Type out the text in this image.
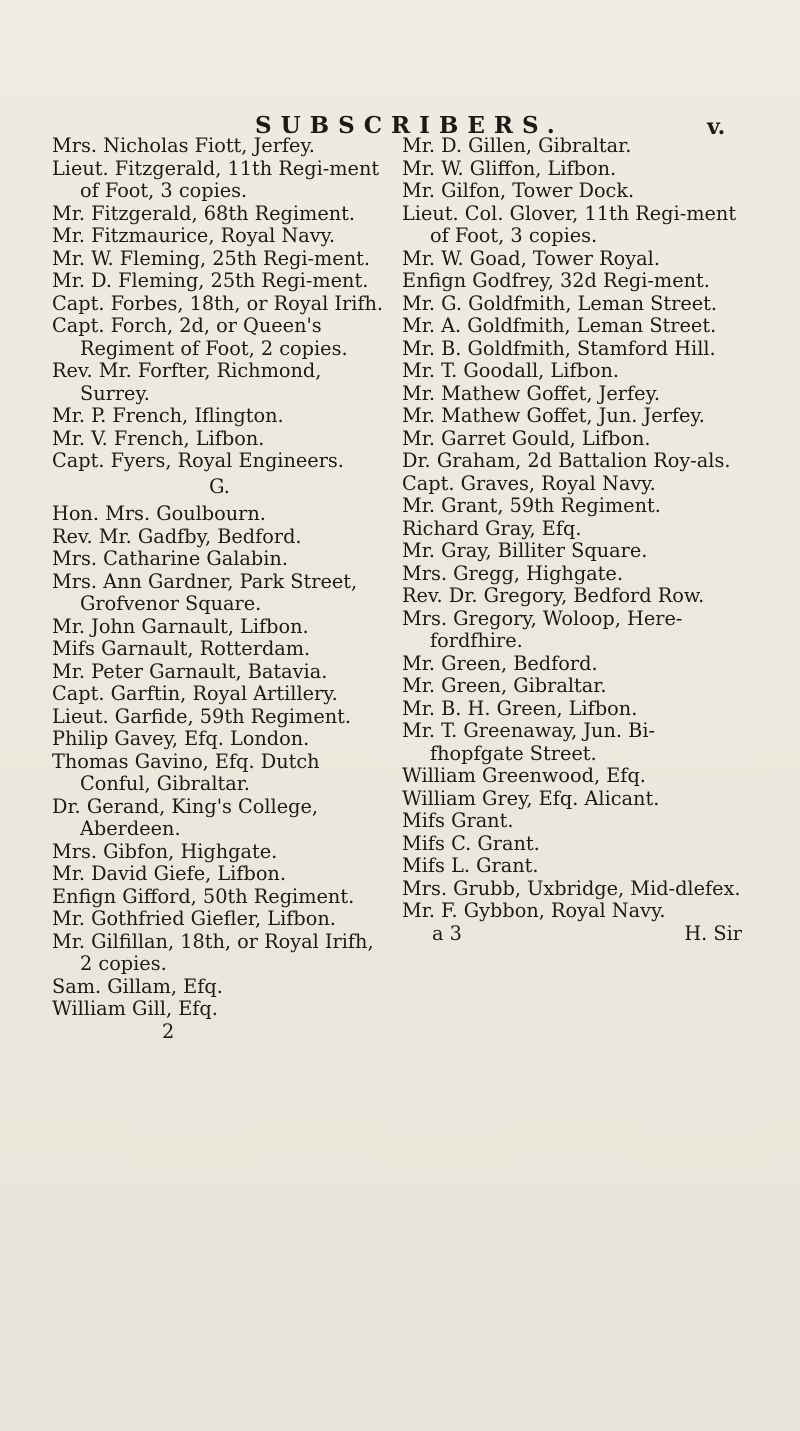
SUBSCRIBERS.	v.

Mrs. Nicholas Fiott, Jerfey.

Lieut. Fitzgerald, 11th Regi-ment of Foot, 3 copies.

Mr. Fitzgerald, 68th Regiment.

Mr. Fitzmaurice, Royal Navy.

Mr. W. Fleming, 25th Regi-ment.

Mr. D. Fleming, 25th Regi-ment.

Capt. Forbes, 18th, or Royal Irifh.

Capt. Forch, 2d, or Queen's Regiment of Foot, 2 copies.

Rev. Mr. Forfter, Richmond, Surrey.

Mr. P. French, Iflington.

Mr. V. French, Lifbon.

Capt. Fyers, Royal Engineers.

G.

Hon. Mrs. Goulbourn.

Rev. Mr. Gadfby, Bedford.

Mrs. Catharine Galabin.

Mrs. Ann Gardner, Park Street, Grofvenor Square.

Mr. John Garnault, Lifbon.

Mifs Garnault, Rotterdam.

Mr. Peter Garnault, Batavia.

Capt. Garftin, Royal Artillery.

Lieut. Garfide, 59th Regiment.

Philip Gavey, Efq. London.

Thomas Gavino, Efq. Dutch Conful, Gibraltar.

Dr. Gerand, King's College, Aberdeen.

Mrs. Gibfon, Highgate.

Mr. David Giefe, Lifbon.

Enfign Gifford, 50th Regiment.

Mr. Gothfried Giefler, Lifbon.

Mr. Gilfillan, 18th, or Royal Irifh, 2 copies.

Sam. Gillam, Efq.

William Gill, Efq.

2

Mr. D. Gillen, Gibraltar.

Mr. W. Gliffon, Lifbon.

Mr. Gilfon, Tower Dock.

Lieut. Col. Glover, 11th Regi-ment of Foot, 3 copies.

Mr. W. Goad, Tower Royal.

Enfign Godfrey, 32d Regi-ment.

Mr. G. Goldfmith, Leman Street.

Mr. A. Goldfmith, Leman Street.

Mr. B. Goldfmith, Stamford Hill.

Mr. T. Goodall, Lifbon.

Mr. Mathew Goffet, Jerfey.

Mr. Mathew Goffet, Jun. Jerfey.

Mr. Garret Gould, Lifbon.

Dr. Graham, 2d Battalion Roy-als.

Capt. Graves, Royal Navy.

Mr. Grant, 59th Regiment.

Richard Gray, Efq.

Mr. Gray, Billiter Square.

Mrs. Gregg, Highgate.

Rev. Dr. Gregory, Bedford Row.

Mrs. Gregory, Woloop, Here-fordfhire.

Mr. Green, Bedford.

Mr. Green, Gibraltar.

Mr. B. H. Green, Lifbon.

Mr. T. Greenaway, Jun. Bi-fhopfgate Street.

William Greenwood, Efq.

William Grey, Efq. Alicant.

Mifs Grant.

Mifs C. Grant.

Mifs L. Grant.

Mrs. Grubb, Uxbridge, Mid-dlefex.

Mr. F. Gybbon, Royal Navy.

a 3	H. Sir
